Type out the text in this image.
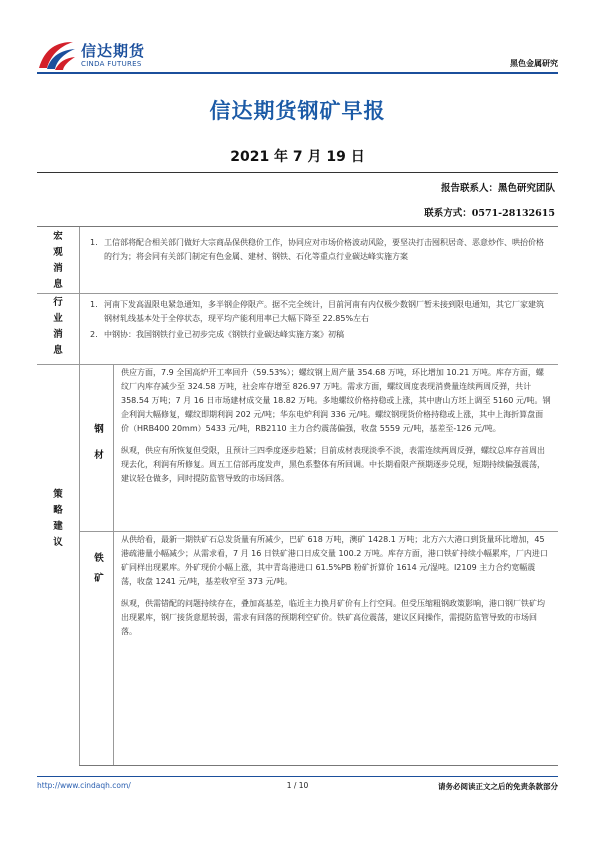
信达期货
CINDA FUTURES	黑色金属研究
信达期货钢矿早报
2021 年 7 月 19 日
报告联系人：黑色研究团队
联系方式：0571-28132615
宏
观
消
息
1. 工信部将配合相关部门做好大宗商品保供稳价工作，协同应对市场价格波动风险，要坚决打击囤积居奇、恶意炒作、哄抬价格的行为；将会同有关部门制定有色金属、建材、钢铁、石化等重点行业碳达峰实施方案
行
业
消
息
1. 河南下发高温限电紧急通知，多半钢企停限产。据不完全统计，目前河南有内仅极少数钢厂暂未接到限电通知，其它厂家建筑钢材轧线基本处于全停状态，现平均产能利用率已大幅下降至 22.85%左右
2. 中钢协：我国钢铁行业已初步完成《钢铁行业碳达峰实施方案》初稿
策
略
建
议
钢
材

供应方面，7.9 全国高炉开工率回升（59.53%）；螺纹钢上周产量 354.68 万吨，环比增加 10.21 万吨。库存方面，螺纹厂内库存减少至 324.58 万吨，社会库存增至 826.97 万吨。需求方面，螺纹周度表现消费量连续两周反弹，共计 358.54 万吨；7 月 16 日市场建材成交量 18.82 万吨。多地螺纹价格持稳或上涨，其中唐山方坯上调至 5160 元/吨。钢企利润大幅修复，螺纹即期利润 202 元/吨；华东电炉利润 336 元/吨。螺纹钢现货价格持稳或上涨，其中上海折算盘面价（HRB400 20mm）5433 元/吨，RB2110 主力合约震荡偏强，收盘 5559 元/吨，基差至-126 元/吨。

纵观，供应有所恢复但受限，且预计三四季度逐步趋紧；目前成材表现淡季不淡，表需连续两周反弹，螺纹总库存首周出现去化，利润有所修复。周五工信部再度发声，黑色系整体有所回调。中长期看限产预期逐步兑现，短期持续偏强震荡，建议轻仓做多，同时提防监管导致的市场回落。

铁
矿

从供给看，最新一期铁矿石总发货量有所减少，巴矿 618 万吨，澳矿 1428.1 万吨；北方六大港口到货量环比增加，45 港疏港量小幅减少；从需求看，7 月 16 日铁矿港口日成交量 100.2 万吨。库存方面，港口铁矿持续小幅累库，厂内进口矿同样出现累库。外矿现价小幅上涨，其中青岛港进口 61.5%PB 粉矿折算价 1614 元/湿吨。I2109 主力合约宽幅震荡，收盘 1241 元/吨，基差收窄至 373 元/吨。

纵观，供需错配的问题持续存在，叠加高基差，临近主力换月矿价有上行空间。但受压缩粗钢政策影响，港口钢厂铁矿均出现累库，钢厂接货意愿转弱，需求有回落的预期利空矿价。铁矿高位震荡，建议区间操作，需提防监管导致的市场回落。

http://www.cindaqh.com/	1 / 10	请务必阅读正文之后的免责条款部分
